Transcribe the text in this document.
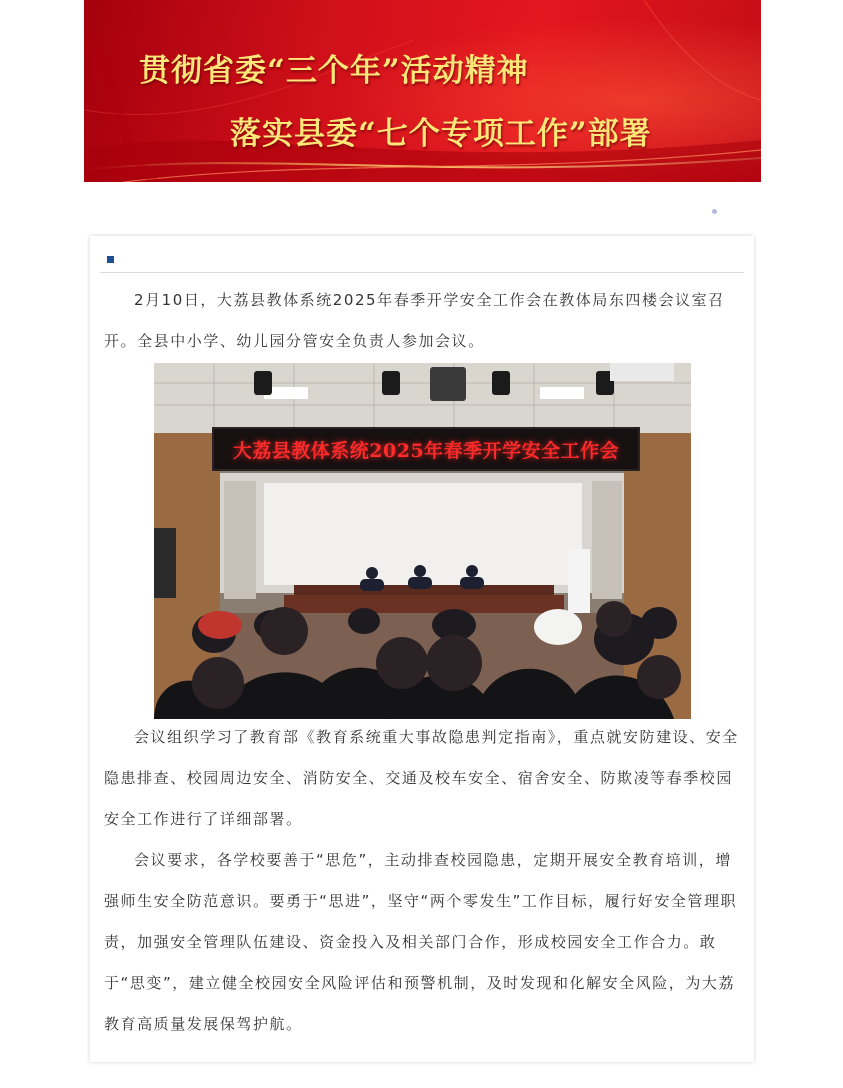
贯彻省委“三个年”活动精神
落实县委“七个专项工作”部署

2月10日，大荔县教体系统2025年春季开学安全工作会在教体局东四楼会议室召开。全县中小学、幼儿园分管安全负责人参加会议。

大荔县教体系统2025年春季开学安全工作会

会议组织学习了教育部《教育系统重大事故隐患判定指南》，重点就安防建设、安全隐患排查、校园周边安全、消防安全、交通及校车安全、宿舍安全、防欺凌等春季校园安全工作进行了详细部署。

会议要求，各学校要善于“思危”，主动排查校园隐患，定期开展安全教育培训，增强师生安全防范意识。要勇于“思进”，坚守“两个零发生”工作目标，履行好安全管理职责，加强安全管理队伍建设、资金投入及相关部门合作，形成校园安全工作合力。敢于“思变”，建立健全校园安全风险评估和预警机制，及时发现和化解安全风险，为大荔教育高质量发展保驾护航。
